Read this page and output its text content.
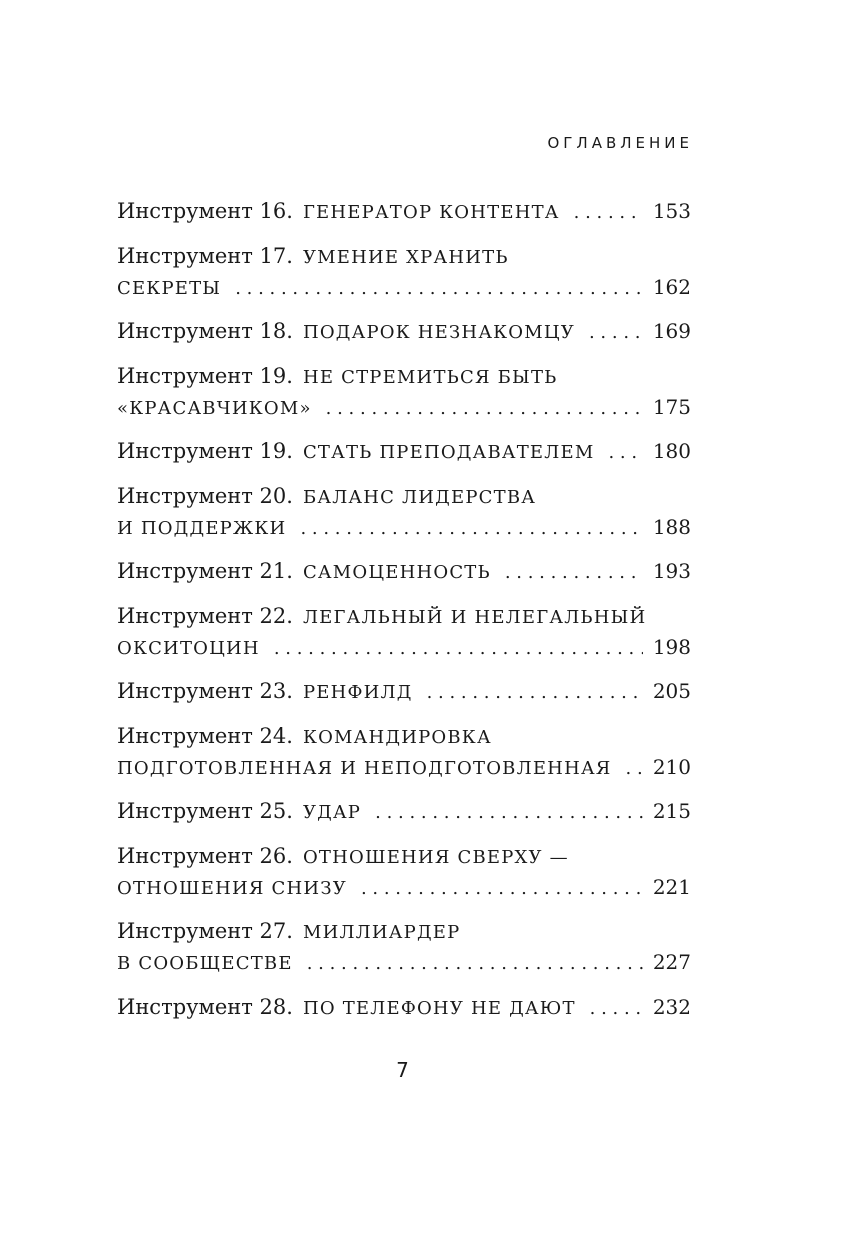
ОГЛАВЛЕНИЕ
Инструмент 16. ГЕНЕРАТОР КОНТЕНТА . . .	153
Инструмент 17. УМЕНИЕ ХРАНИТЬ
СЕКРЕТЫ . . .	162
Инструмент 18. ПОДАРОК НЕЗНАКОМЦУ . . .	169
Инструмент 19. НЕ СТРЕМИТЬСЯ БЫТЬ
«КРАСАВЧИКОМ» . . .	175
Инструмент 19. СТАТЬ ПРЕПОДАВАТЕЛЕМ . . .	180
Инструмент 20. БАЛАНС ЛИДЕРСТВА
И ПОДДЕРЖКИ . . .	188
Инструмент 21. САМОЦЕННОСТЬ . . .	193
Инструмент 22. ЛЕГАЛЬНЫЙ И НЕЛЕГАЛЬНЫЙ
ОКСИТОЦИН . . .	198
Инструмент 23. РЕНФИЛД . . .	205
Инструмент 24. КОМАНДИРОВКА
ПОДГОТОВЛЕННАЯ И НЕПОДГОТОВЛЕННАЯ . . . 210
Инструмент 25. УДАР . . .	215
Инструмент 26. ОТНОШЕНИЯ СВЕРХУ —
ОТНОШЕНИЯ СНИЗУ . . .	221
Инструмент 27. МИЛЛИАРДЕР
В СООБЩЕСТВЕ . . .	227
Инструмент 28. ПО ТЕЛЕФОНУ НЕ ДАЮТ . . .	232
7
